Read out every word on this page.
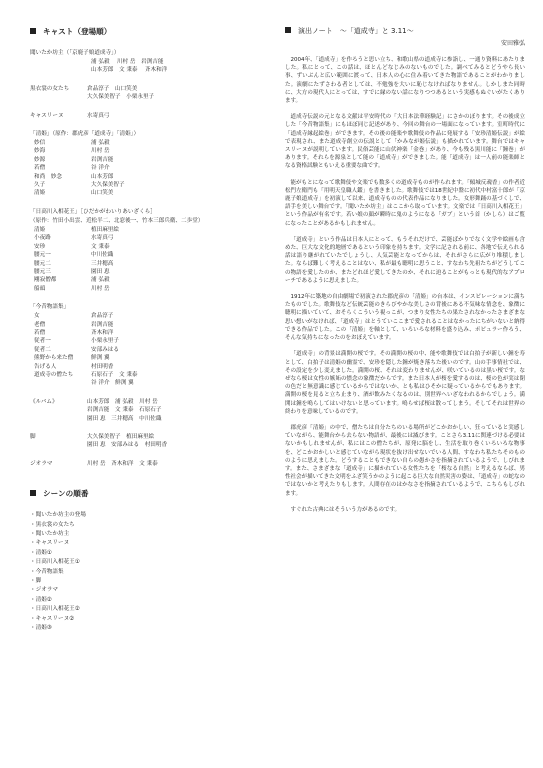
キャスト（登場順）
聞いたか坊主（「京鹿子娘道成寺」）
浦 弘毅　 川村 岳　岩渕吉能
山本芳郎　文 秉泰　 斉木和洋
黒衣裳の女たち	倉品淳子　山口笑美
大久保美智子　小栗永里子
キャスリーヌ	水寄真弓
「清姫」（原作：郡虎彦「道成寺」「清姫」）
妙信	浦 弘毅
妙海	川村 岳
妙源	岩渕吉能
若僧	谷 洋介
和尚　妙念	山本芳郎
久子	大久保美智子
清姫	山口笑美
「日高川入相花王」［ひだかがわいりあいざくら］
（原作：竹田小出雲、近松半二、北窓後一、竹本三郎兵衛、二歩堂）
清姫	植田麻里絵
小夜路	水寄真弓
安珍	文 秉泰
腰元一	中川佐織
腰元二	三井穂高
腰元三	園田 恵
剛寂僧都	浦 弘毅
船頭	川村 岳
「今昔物語集」
女	倉品淳子
老僧	岩渕吉能
若僧	斉木和洋
従者一	小栗永里子
従者二	安部みはる
熊野から来た僧	鮮渕 翼
告げる人	村田明香
道成寺の僧たち	石原石子　文 秉泰
谷 洋介　鮮渕 翼
《ルバム》	山本芳郎　浦 弘毅　川村 岳
岩渕吉能　文 秉泰　石原石子
園田 恵　三井穂高　中川佐織
脚	大久保美智子　植田麻里絵
園田 恵　安部みはる　村田明香
ジオラマ	川村 岳　斉木和洋　文 秉泰
シーンの順番
・聞いたか坊主の登場
・黒衣裳の女たち
・聞いたか坊主
・キャスリーヌ
・清姫①
・日高川入相花王①
・今昔物語集
・脚
・ジオラマ
・清姫②
・日高川入相花王②
・キャスリーヌ②
・清姫③
演出ノート　～「道成寺」と 3.11～
安田雅弘

2004年、「道成寺」を作ろうと思い立ち、和歌山県の道成寺に参詣し、一通り資料にあたりました。私にとって、この話は、ほとんどなじみのないものでした。調べてみるとどうやら長い事、ずいぶんと広い範囲に渡って、日本人の心に住み着いてきた物語であることがわかりました。演劇にたずさわる者としては、不勉強を大いに恥じなければなりません。しかしまた同時に、大方の現代人にとっては、すでに縁のない話になりつつあるという実感もぬぐいがたくあります。

道成寺伝説の元となる文献は平安時代の「大日本法華経験記」にさかのぼります。その後成立した「今昔物語集」にもほぼ同じ記述があり、今回の舞台の一場面になっています。室町時代に「道成寺縁起絵巻」ができます。その後の能楽や歌舞伎の作品に発展する「安珍清姫伝説」が絵で表現され、また道成寺創立の伝説として「かみなが姫伝説」も描かれています。舞台ではキャスリーヌが説明しています。民俗芸能に山伏神楽「金巻」があり、今も残る黒川能に「鐘巻」があります。それらを源泉として能の「道成寺」ができました。能「道成寺」は一人前の能楽師となる資格試験ともいえる重要な曲です。

能がもとになって歌舞伎や文楽でも数多くの道成寺ものが作られます。「傾城反魂香」の作者近松門左衛門も「用明天皇職人鑑」を書きました。歌舞伎では18世紀中盤に初代中村富十郎が「京鹿子娘道成寺」を初演して以来、道成寺ものの代表作品になりました。女形舞踊の基づくしで、語手を美しい舞台です。「聞いたか坊主」はここから取っています。文楽では「日高川入相花王」という作品が有名です。若い娘の顔が瞬時に鬼のようになる「ガブ」という首（かしら）はご覧になったことがあるかもしれません。

「道成寺」という作品は日本人にとって、もうそれだけで、芸能ばかりでなく文学や絵画も含めた、巨大な文化的地層であるという印象を持ちます。文学に記される前に、各地で伝えられる話は語り継がれていたでしょうし、人気芸能となってからは、それがさらに広がり堆積しました。ならば難しく考えることはない、私が最も聴明に思うこと、すなわち先祖たちがどうしてこの物語を愛したのか、またどれほど愛してきたのか、それに迫ることがもっとも現代的なアプローチであるように思えました。

1912年に築地の自由劇場で初演された郡虎彦の「清姫」の台本は、インスピレーションに満ちたものでした。歌舞伎など伝統芸能のきらびやかな美しさの背後にある不気味な情念を、象徴に聴明に描いていて、おそらくこういう視っこが、つまり女性たちの果たされなかったさまざまな思い想いがなければ、「道成寺」はとうていここまで愛されることはなかったにちがいないと納得できる作品でした。この「清姫」を軸として、いろいろな材料を盛り込み、ポピュラー作ろう、そんな気持ちになったのをおぼえています。

「道成寺」の背景は満開の桜です。その満開の桜の中、能や歌舞伎では白拍子が新しい鐘を寿として、白拍子は清姫の幽霊で、安珍を隠した鐘が焼き落ちた後いのです。山の手事情社では、その設定を少し変えました。満開の桜、それは変わりませんが、咲いているのは黒い桜です。なぜなら桜は女性の嫉妬の憤念の象徴だからです。また日本人が桜を愛するのは、桜の色が実は閉の色だと無意識に感じているからではないか、とも私はひそかに疑っているからでもあります。満開の桜を見ると立ち止まり、酒が飲みたくなるのは、別世界へいざなわれるからでしょう。満開は鐘を鳴らしてはいけないと思っています。鳴らせば桜は散ってしまう。そしてそれは世界の終わりを意味しているのです。

郡虎彦「清姫」の中で、僧たちは自分たちのいる場所がどこかおかしい、狂っていると実感していながら、能舞台から去らない物語が、最後には滅びます。ことさら3.11に関連づける必要はないかもしれませんが、私にはこの僧たちが、原発に脳をし、生活を取り巻くいろいろな物事を、どこかおかしいと感じていながら現状を抜け出せないでいる人間、すなわち私たちそのもののように思えました。どうすることもできない自らの愚かさを指摘されているようで、しびれます。また、さまざまな「道成寺」に描かれている女性たちを「桜なる自然」と考えるならば、男性社会が描いてきた文明をふざ笑うかのように起こる巨大な自然災害の姿は、「道成寺」の蛇なのではないかと考えたりもします。人間存在のはかなさを指摘されているようで、こちらもしびれます。

すぐれた古典にはそういう力があるのです。
